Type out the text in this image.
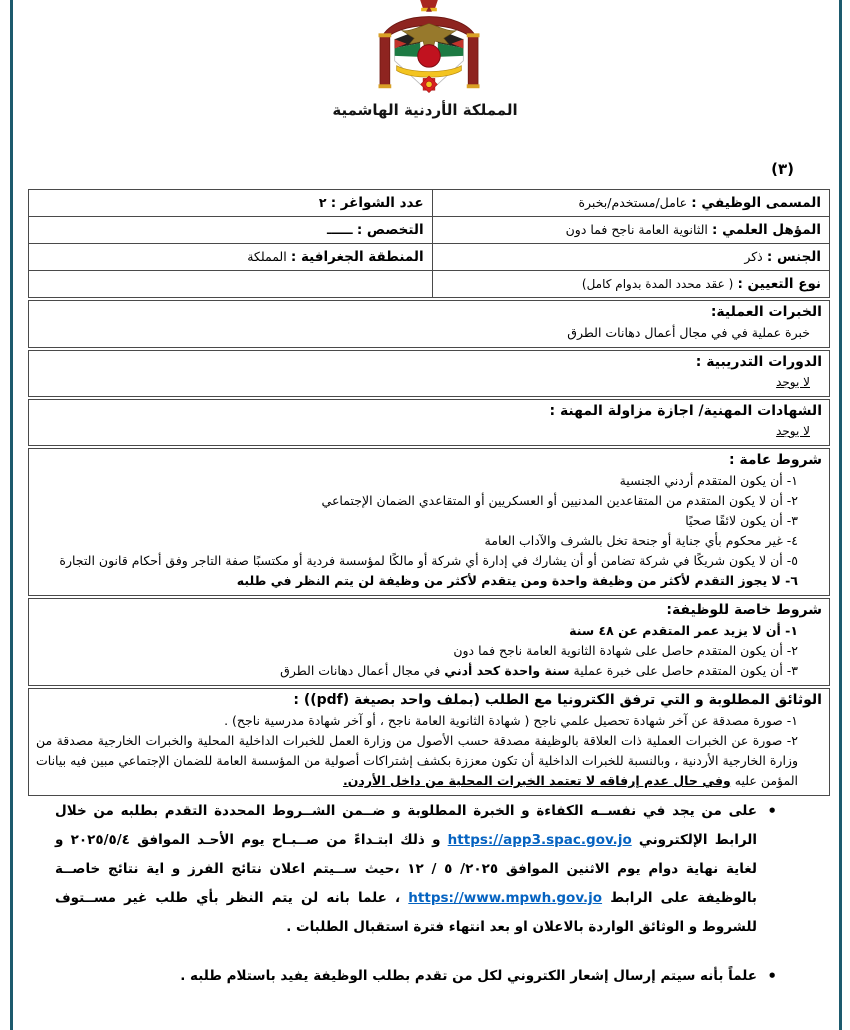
المملكة الأردنية الهاشمية
(٣)
المسمى الوظيفي : عامل/مستخدم/بخبرة	عدد الشواغر : ٢
المؤهل العلمي : الثانوية العامة ناجح فما دون	التخصص : ــــــ
الجنس : ذكر	المنطقة الجغرافية : المملكة
نوع التعيين : ( عقد محدد المدة بدوام كامل)	
الخبرات العملية:
خبرة عملية في في مجال أعمال دهانات الطرق
الدورات التدريبية :
لا يوجد
الشهادات المهنية/ اجازة مزاولة المهنة :
لا يوجد
شروط عامة :
١- أن يكون المتقدم أردني الجنسية
٢- أن لا يكون المتقدم من المتقاعدين المدنيين أو العسكريين أو المتقاعدي الضمان الإجتماعي
٣- أن يكون لائقًا صحيًا
٤- غير محكوم بأي جناية أو جنحة تخل بالشرف والآداب العامة
٥- أن لا يكون شريكًا في شركة تضامن أو أن يشارك في إدارة أي شركة أو مالكًا لمؤسسة فردية أو مكتسبًا صفة التاجر وفق أحكام قانون التجارة
٦- لا يجوز التقدم لأكثر من وظيفة واحدة ومن يتقدم لأكثر من وظيفة لن يتم النظر في طلبه
شروط خاصة للوظيفة:
١- أن لا يزيد عمر المتقدم عن ٤٨ سنة
٢- أن يكون المتقدم حاصل على شهادة الثانوية العامة ناجح فما دون
٣- أن يكون المتقدم حاصل على خبرة عملية سنة واحدة كحد أدني في مجال أعمال دهانات الطرق
الوثائق المطلوبة و التي ترفق الكترونيا مع الطلب (بملف واحد بصيغة (pdf)) :
١- صورة مصدقة عن آخر شهادة تحصيل علمي ناجح ( شهادة الثانوية العامة ناجح ، أو آخر شهادة مدرسية ناجح) .
٢- صورة عن الخبرات العملية ذات العلاقة بالوظيفة مصدقة حسب الأصول من وزارة العمل للخبرات الداخلية المحلية والخبرات الخارجية مصدقة من وزارة الخارجية الأردنية ، وبالنسبة للخبرات الداخلية أن تكون معززة بكشف إشتراكات أصولية من المؤسسة العامة للضمان الإجتماعي مبين فيه بيانات المؤمن عليه وفي حال عدم إرفاقه لا تعتمد الخبرات المحلية من داخل الأردن.
• على من يجد في نفســه الكفاءة و الخبرة المطلوبة و ضــمن الشــروط المحددة التقدم بطلبه من خلال الرابط الإلكتروني https://app3.spac.gov.jo و ذلك ابتـداءً من صــبـاح يوم الأحـد الموافق ٢٠٢٥/٥/٤ و لغاية نهاية دوام يوم الاثنين الموافق ٢٠٢٥/ ٥ / ١٢ ،حيث ســيتم اعلان نتائج الفرز و اية نتائج خاصــة بالوظيفة على الرابط https://www.mpwh.gov.jo ، علما بانه لن يتم النظر بأي طلب غير مســتوف للشروط و الوثائق الواردة بالاعلان او بعد انتهاء فترة استقبال الطلبات .
• علماً بأنه سيتم إرسال إشعار الكتروني لكل من تقدم بطلب الوظيفة يفيد باستلام طلبه .
